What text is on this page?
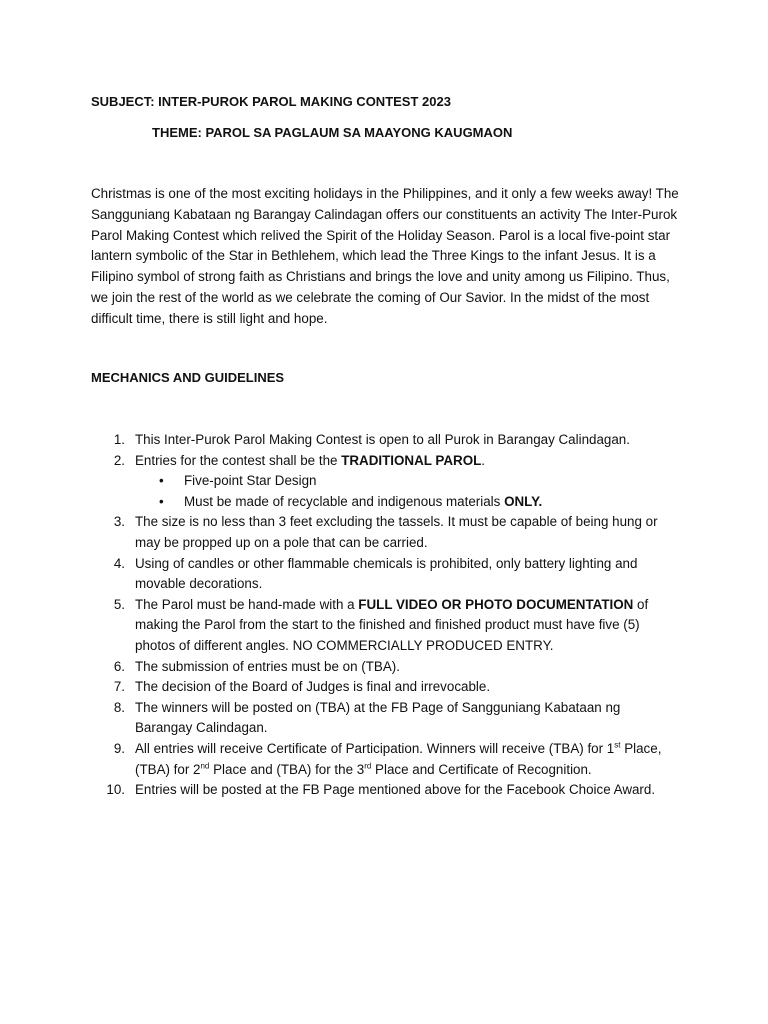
SUBJECT: INTER-PUROK PAROL MAKING CONTEST 2023

THEME: PAROL SA PAGLAUM SA MAAYONG KAUGMAON

Christmas is one of the most exciting holidays in the Philippines, and it only a few weeks away! The Sangguniang Kabataan ng Barangay Calindagan offers our constituents an activity The Inter-Purok Parol Making Contest which relived the Spirit of the Holiday Season. Parol is a local five-point star lantern symbolic of the Star in Bethlehem, which lead the Three Kings to the infant Jesus. It is a Filipino symbol of strong faith as Christians and brings the love and unity among us Filipino. Thus, we join the rest of the world as we celebrate the coming of Our Savior. In the midst of the most difficult time, there is still light and hope.

MECHANICS AND GUIDELINES

1. This Inter-Purok Parol Making Contest is open to all Purok in Barangay Calindagan.
2. Entries for the contest shall be the TRADITIONAL PAROL.
• Five-point Star Design
• Must be made of recyclable and indigenous materials ONLY.
3. The size is no less than 3 feet excluding the tassels. It must be capable of being hung or may be propped up on a pole that can be carried.
4. Using of candles or other flammable chemicals is prohibited, only battery lighting and movable decorations.
5. The Parol must be hand-made with a FULL VIDEO OR PHOTO DOCUMENTATION of making the Parol from the start to the finished and finished product must have five (5) photos of different angles. NO COMMERCIALLY PRODUCED ENTRY.
6. The submission of entries must be on (TBA).
7. The decision of the Board of Judges is final and irrevocable.
8. The winners will be posted on (TBA) at the FB Page of Sangguniang Kabataan ng Barangay Calindagan.
9. All entries will receive Certificate of Participation. Winners will receive (TBA) for 1st Place, (TBA) for 2nd Place and (TBA) for the 3rd Place and Certificate of Recognition.
10. Entries will be posted at the FB Page mentioned above for the Facebook Choice Award.
